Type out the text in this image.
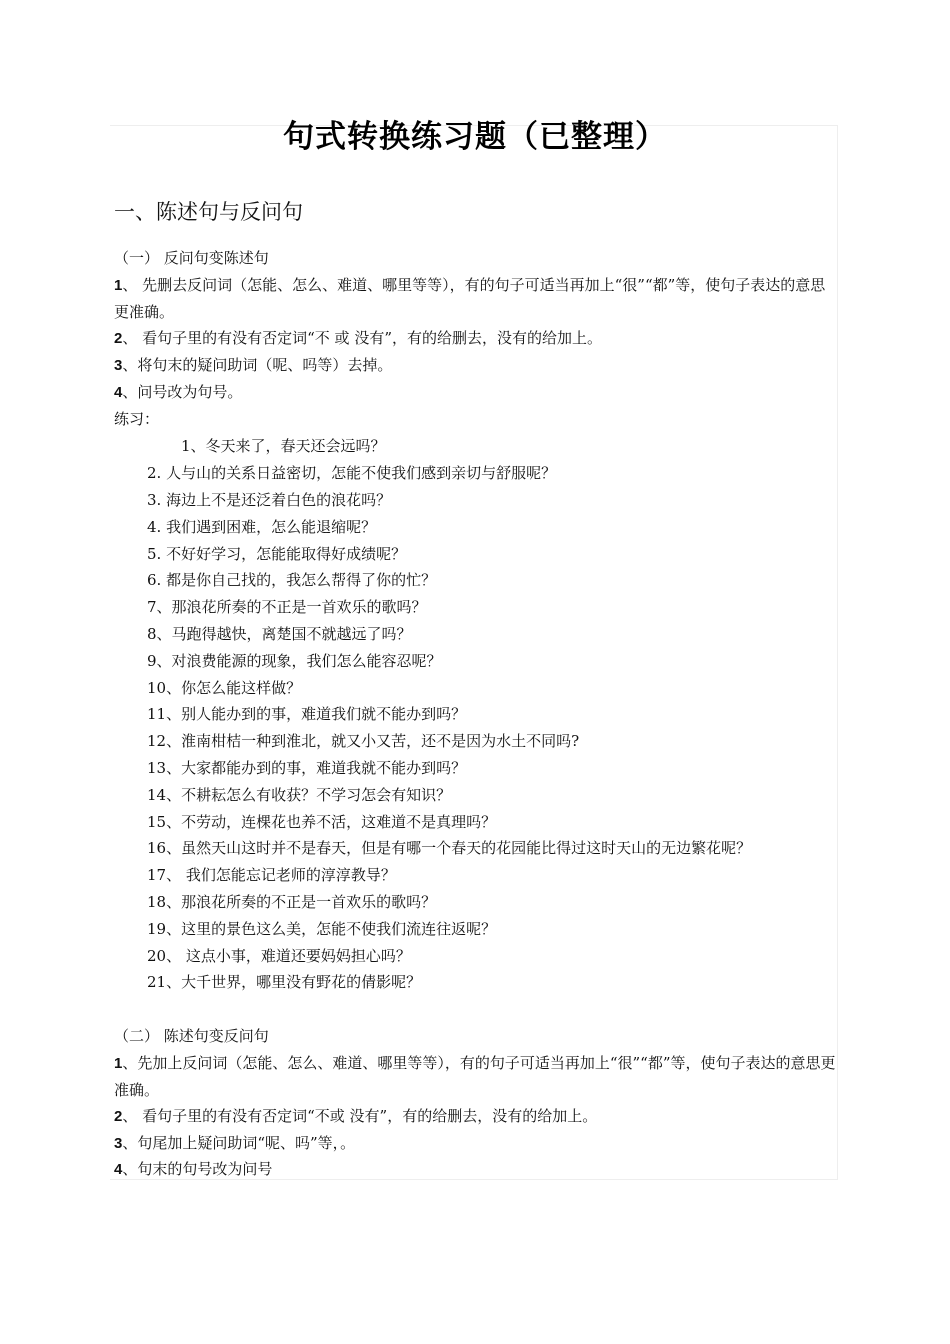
句式转换练习题（已整理）
一、陈述句与反问句
（一） 反问句变陈述句
1、 先删去反问词（怎能、怎么、难道、哪里等等），有的句子可适当再加上“很”“都”等，使句子表达的意思更准确。
2、 看句子里的有没有否定词“不 或 没有”，有的给删去，没有的给加上。
3、将句末的疑问助词（呢、吗等）去掉。
4、问号改为句号。
练习：
1、冬天来了，春天还会远吗？
2. 人与山的关系日益密切，怎能不使我们感到亲切与舒服呢？
3. 海边上不是还泛着白色的浪花吗？
4. 我们遇到困难，怎么能退缩呢？
5. 不好好学习，怎能能取得好成绩呢？
6. 都是你自己找的，我怎么帮得了你的忙？
7、那浪花所奏的不正是一首欢乐的歌吗？
8、马跑得越快，离楚国不就越远了吗？
9、对浪费能源的现象，我们怎么能容忍呢？
10、你怎么能这样做？
11、别人能办到的事，难道我们就不能办到吗？
12、淮南柑桔一种到淮北，就又小又苦，还不是因为水土不同吗?
13、大家都能办到的事，难道我就不能办到吗？
14、不耕耘怎么有收获？不学习怎会有知识？
15、不劳动，连棵花也养不活，这难道不是真理吗？
16、虽然天山这时并不是春天，但是有哪一个春天的花园能比得过这时天山的无边繁花呢？
17、 我们怎能忘记老师的淳淳教导？
18、那浪花所奏的不正是一首欢乐的歌吗？
19、这里的景色这么美，怎能不使我们流连往返呢？
20、 这点小事，难道还要妈妈担心吗？
21、大千世界，哪里没有野花的倩影呢？
（二） 陈述句变反问句
1、先加上反问词（怎能、怎么、难道、哪里等等），有的句子可适当再加上“很”“都”等，使句子表达的意思更准确。
2、 看句子里的有没有否定词“不或 没有”，有的给删去，没有的给加上。
3、句尾加上疑问助词“呢、吗”等，。
4、句末的句号改为问号
